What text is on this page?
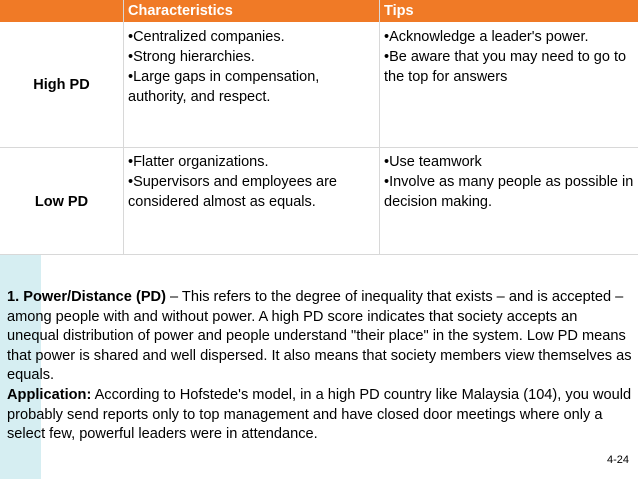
Characteristics	Tips
High PD
•Centralized companies.
•Strong hierarchies.
•Large gaps in compensation, authority, and respect.
•Acknowledge a leader's power.
•Be aware that you may need to go to the top for answers
Low PD
•Flatter organizations.
•Supervisors and employees are considered almost as equals.
•Use teamwork
•Involve as many people as possible in decision making.
1. Power/Distance (PD) – This refers to the degree of inequality that exists – and is accepted – among people with and without power. A high PD score indicates that society accepts an unequal distribution of power and people understand "their place" in the system. Low PD means that power is shared and well dispersed. It also means that society members view themselves as equals.
Application: According to Hofstede's model, in a high PD country like Malaysia (104), you would probably send reports only to top management and have closed door meetings where only a select few, powerful leaders were in attendance.
4-24
